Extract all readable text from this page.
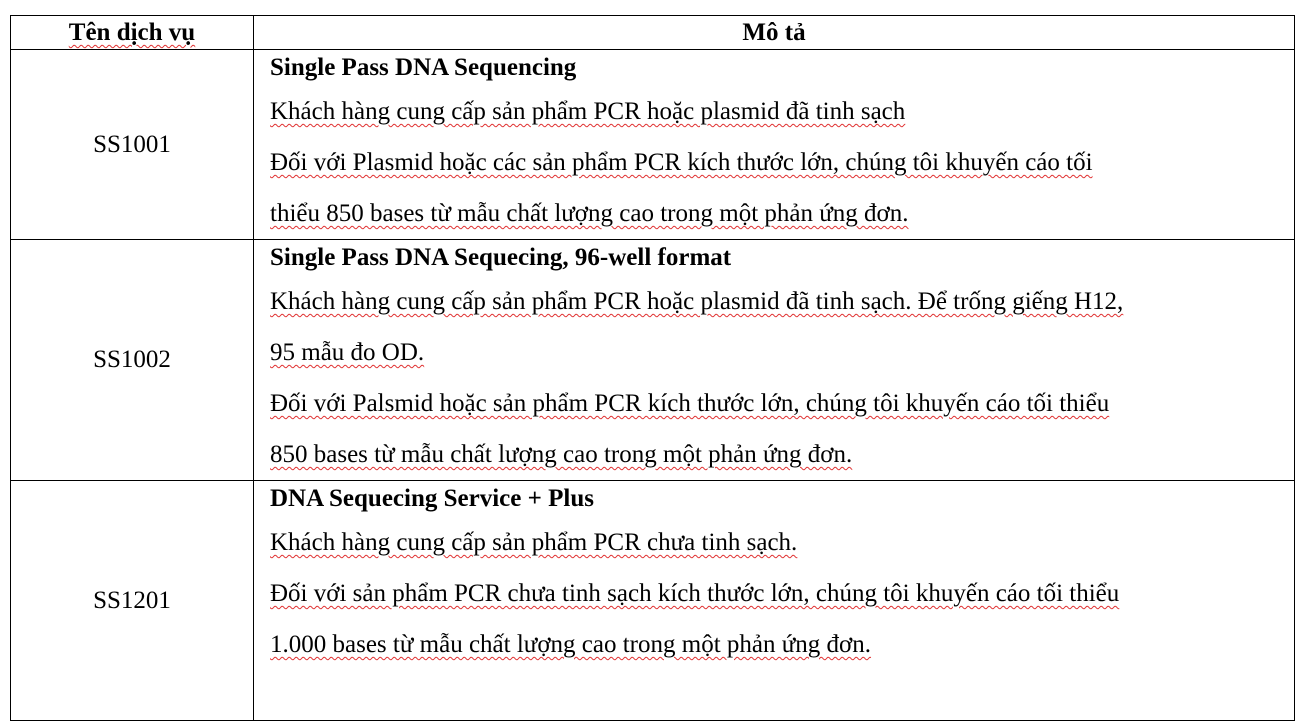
Tên dịch vụ	Mô tả
SS1001	Single Pass DNA Sequencing

Khách hàng cung cấp sản phẩm PCR hoặc plasmid đã tinh sạch

Đối với Plasmid hoặc các sản phẩm PCR kích thước lớn, chúng tôi khuyến cáo tối

thiểu 850 bases từ mẫu chất lượng cao trong một phản ứng đơn.

SS1002	Single Pass DNA Sequecing, 96-well format

Khách hàng cung cấp sản phẩm PCR hoặc plasmid đã tinh sạch. Để trống giếng H12,

95 mẫu đo OD.

Đối với Palsmid hoặc sản phẩm PCR kích thước lớn, chúng tôi khuyến cáo tối thiểu

850 bases từ mẫu chất lượng cao trong một phản ứng đơn.

SS1201	DNA Sequecing Service + Plus

Khách hàng cung cấp sản phẩm PCR chưa tinh sạch.

Đối với sản phẩm PCR chưa tinh sạch kích thước lớn, chúng tôi khuyến cáo tối thiểu

1.000 bases từ mẫu chất lượng cao trong một phản ứng đơn.
